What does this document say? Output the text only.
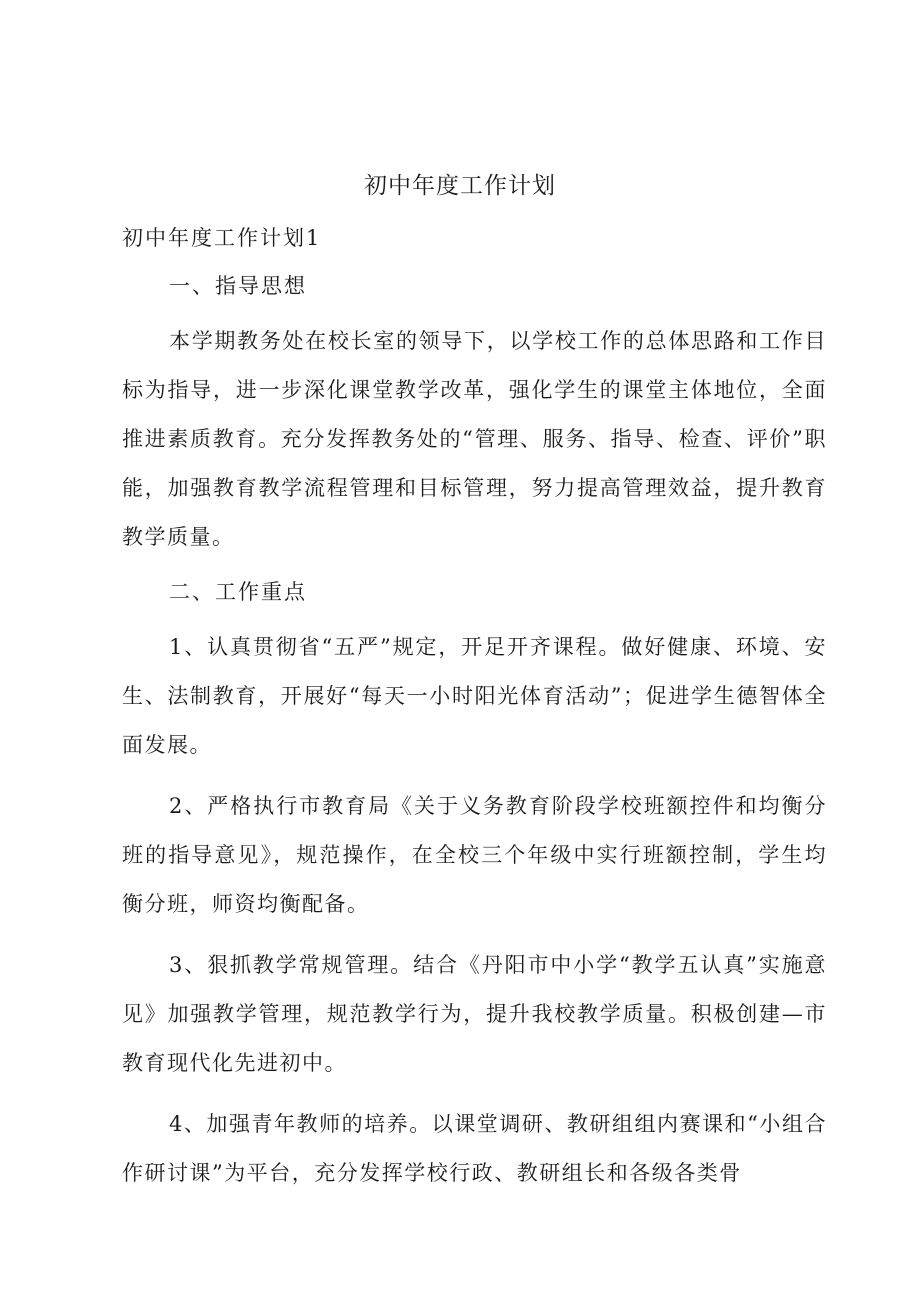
初中年度工作计划

初中年度工作计划1

一、指导思想

本学期教务处在校长室的领导下，以学校工作的总体思路和工作目标为指导，进一步深化课堂教学改革，强化学生的课堂主体地位，全面推进素质教育。充分发挥教务处的“管理、服务、指导、检查、评价”职能，加强教育教学流程管理和目标管理，努力提高管理效益，提升教育教学质量。

二、工作重点

1、认真贯彻省“五严”规定，开足开齐课程。做好健康、环境、安生、法制教育，开展好“每天一小时阳光体育活动”；促进学生德智体全面发展。

2、严格执行市教育局《关于义务教育阶段学校班额控件和均衡分班的指导意见》，规范操作，在全校三个年级中实行班额控制，学生均衡分班，师资均衡配备。

3、狠抓教学常规管理。结合《丹阳市中小学“教学五认真”实施意见》加强教学管理，规范教学行为，提升我校教学质量。积极创建—市教育现代化先进初中。

4、加强青年教师的培养。以课堂调研、教研组组内赛课和“小组合作研讨课”为平台，充分发挥学校行政、教研组长和各级各类骨
